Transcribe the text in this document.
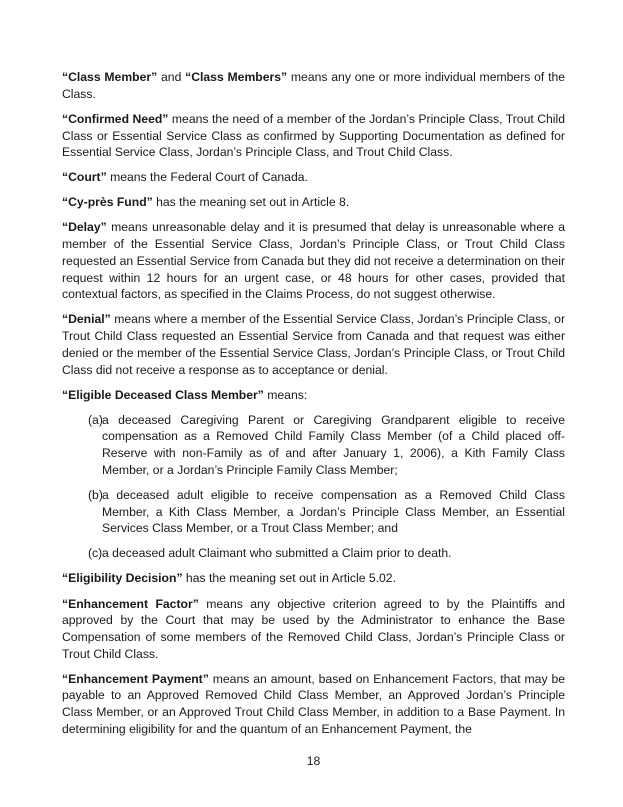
“Class Member” and “Class Members” means any one or more individual members of the Class.

“Confirmed Need” means the need of a member of the Jordan’s Principle Class, Trout Child Class or Essential Service Class as confirmed by Supporting Documentation as defined for Essential Service Class, Jordan’s Principle Class, and Trout Child Class.

“Court” means the Federal Court of Canada.

“Cy-près Fund” has the meaning set out in Article 8.

“Delay” means unreasonable delay and it is presumed that delay is unreasonable where a member of the Essential Service Class, Jordan’s Principle Class, or Trout Child Class requested an Essential Service from Canada but they did not receive a determination on their request within 12 hours for an urgent case, or 48 hours for other cases, provided that contextual factors, as specified in the Claims Process, do not suggest otherwise.

“Denial” means where a member of the Essential Service Class, Jordan’s Principle Class, or Trout Child Class requested an Essential Service from Canada and that request was either denied or the member of the Essential Service Class, Jordan’s Principle Class, or Trout Child Class did not receive a response as to acceptance or denial.

“Eligible Deceased Class Member” means:

(a) a deceased Caregiving Parent or Caregiving Grandparent eligible to receive compensation as a Removed Child Family Class Member (of a Child placed off-Reserve with non-Family as of and after January 1, 2006), a Kith Family Class Member, or a Jordan’s Principle Family Class Member;
(b) a deceased adult eligible to receive compensation as a Removed Child Class Member, a Kith Class Member, a Jordan’s Principle Class Member, an Essential Services Class Member, or a Trout Class Member; and
(c) a deceased adult Claimant who submitted a Claim prior to death.

“Eligibility Decision” has the meaning set out in Article 5.02.

“Enhancement Factor” means any objective criterion agreed to by the Plaintiffs and approved by the Court that may be used by the Administrator to enhance the Base Compensation of some members of the Removed Child Class, Jordan’s Principle Class or Trout Child Class.

“Enhancement Payment” means an amount, based on Enhancement Factors, that may be payable to an Approved Removed Child Class Member, an Approved Jordan’s Principle Class Member, or an Approved Trout Child Class Member, in addition to a Base Payment. In determining eligibility for and the quantum of an Enhancement Payment, the

18
